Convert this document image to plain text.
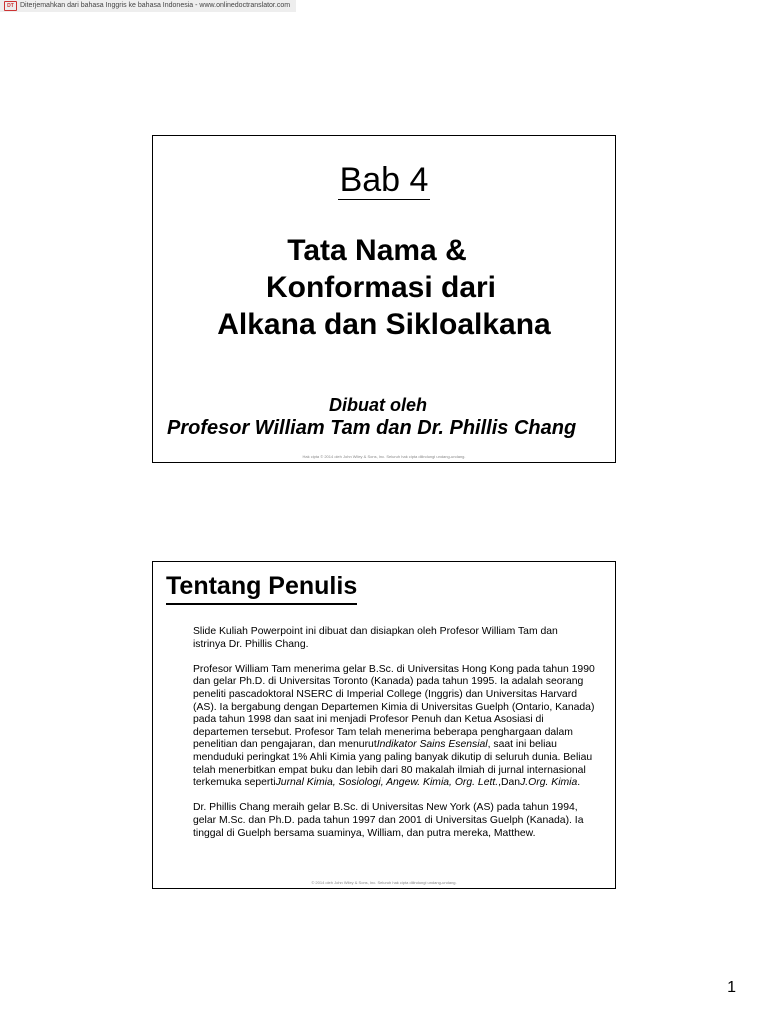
DT Diterjemahkan dari bahasa Inggris ke bahasa Indonesia - www.onlinedoctranslator.com
Bab 4
Tata Nama &
Konformasi dari
Alkana dan Sikloalkana
Dibuat oleh
Profesor William Tam dan Dr. Phillis Chang
Hak cipta © 2014 oleh John Wiley & Sons, Inc. Seluruh hak cipta dilindungi undang-undang.
Tentang Penulis

Slide Kuliah Powerpoint ini dibuat dan disiapkan oleh Profesor William Tam dan istrinya Dr. Phillis Chang.

Profesor William Tam menerima gelar B.Sc. di Universitas Hong Kong pada tahun 1990 dan gelar Ph.D. di Universitas Toronto (Kanada) pada tahun 1995. Ia adalah seorang peneliti pascadoktoral NSERC di Imperial College (Inggris) dan Universitas Harvard (AS). Ia bergabung dengan Departemen Kimia di Universitas Guelph (Ontario, Kanada) pada tahun 1998 dan saat ini menjadi Profesor Penuh dan Ketua Asosiasi di departemen tersebut. Profesor Tam telah menerima beberapa penghargaan dalam penelitian dan pengajaran, dan menurutIndikator Sains Esensial, saat ini beliau menduduki peringkat 1% Ahli Kimia yang paling banyak dikutip di seluruh dunia. Beliau telah menerbitkan empat buku dan lebih dari 80 makalah ilmiah di jurnal internasional terkemuka sepertiJurnal Kimia, Sosiologi, Angew. Kimia, Org. Lett.,DanJ.Org. Kimia.

Dr. Phillis Chang meraih gelar B.Sc. di Universitas New York (AS) pada tahun 1994, gelar M.Sc. dan Ph.D. pada tahun 1997 dan 2001 di Universitas Guelph (Kanada). Ia tinggal di Guelph bersama suaminya, William, dan putra mereka, Matthew.

© 2014 oleh John Wiley & Sons, Inc. Seluruh hak cipta dilindungi undang-undang.
1
